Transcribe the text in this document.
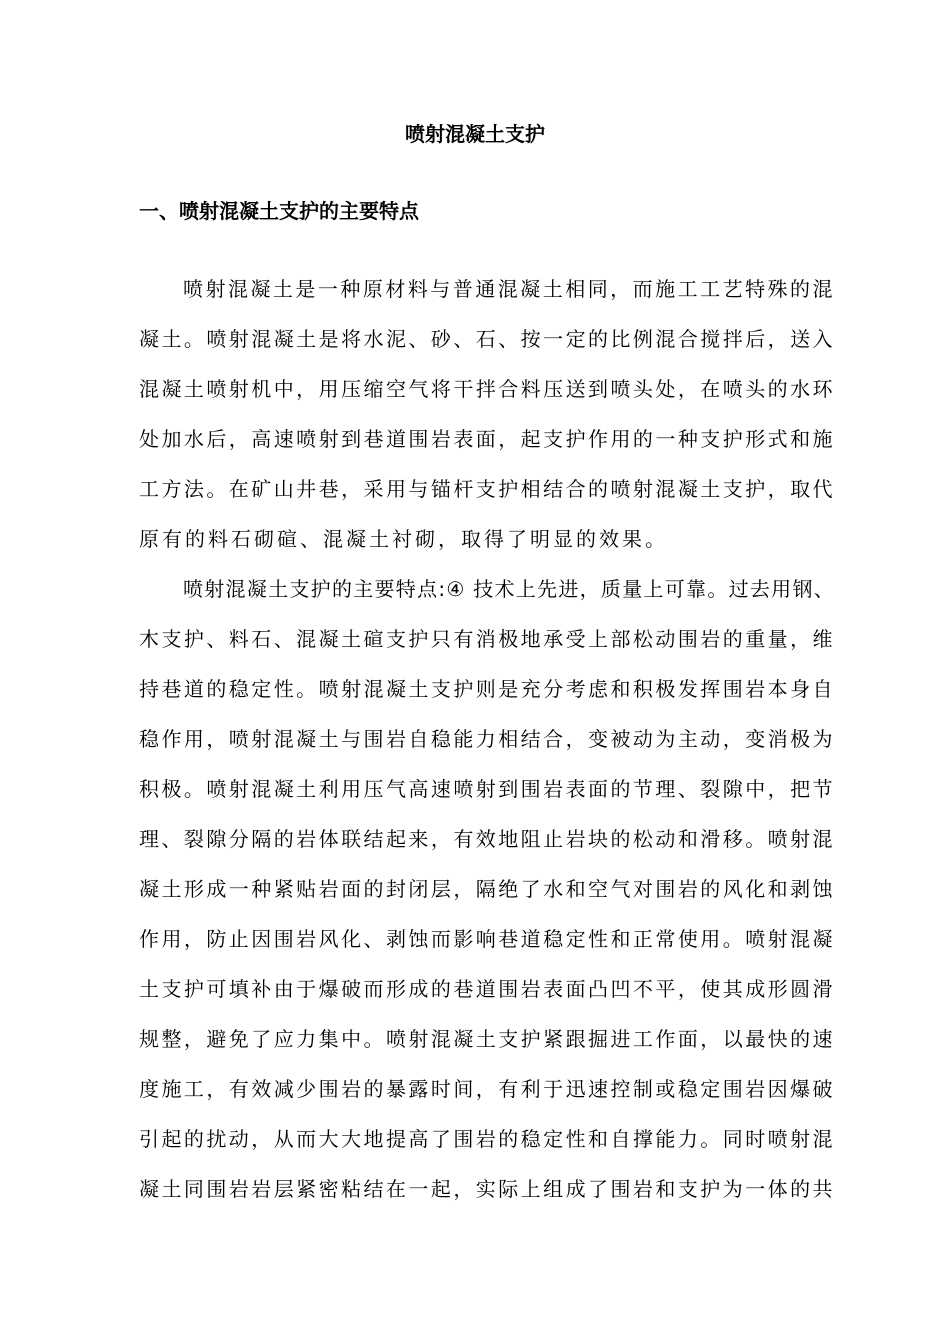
喷射混凝土支护
一、喷射混凝土支护的主要特点
喷射混凝土是一种原材料与普通混凝土相同，而施工工艺特殊的混
凝土。喷射混凝土是将水泥、砂、石、按一定的比例混合搅拌后，送入
混凝土喷射机中，用压缩空气将干拌合料压送到喷头处，在喷头的水环
处加水后，高速喷射到巷道围岩表面，起支护作用的一种支护形式和施
工方法。在矿山井巷，采用与锚杆支护相结合的喷射混凝土支护，取代
原有的料石砌碹、混凝土衬砌，取得了明显的效果。
喷射混凝土支护的主要特点:④ 技术上先进，质量上可靠。过去用钢、
木支护、料石、混凝土碹支护只有消极地承受上部松动围岩的重量，维
持巷道的稳定性。喷射混凝土支护则是充分考虑和积极发挥围岩本身自
稳作用，喷射混凝土与围岩自稳能力相结合，变被动为主动，变消极为
积极。喷射混凝土利用压气高速喷射到围岩表面的节理、裂隙中，把节
理、裂隙分隔的岩体联结起来，有效地阻止岩块的松动和滑移。喷射混
凝土形成一种紧贴岩面的封闭层，隔绝了水和空气对围岩的风化和剥蚀
作用，防止因围岩风化、剥蚀而影响巷道稳定性和正常使用。喷射混凝
土支护可填补由于爆破而形成的巷道围岩表面凸凹不平，使其成形圆滑
规整，避免了应力集中。喷射混凝土支护紧跟掘进工作面，以最快的速
度施工，有效减少围岩的暴露时间，有利于迅速控制或稳定围岩因爆破
引起的扰动，从而大大地提高了围岩的稳定性和自撑能力。同时喷射混
凝土同围岩岩层紧密粘结在一起，实际上组成了围岩和支护为一体的共
